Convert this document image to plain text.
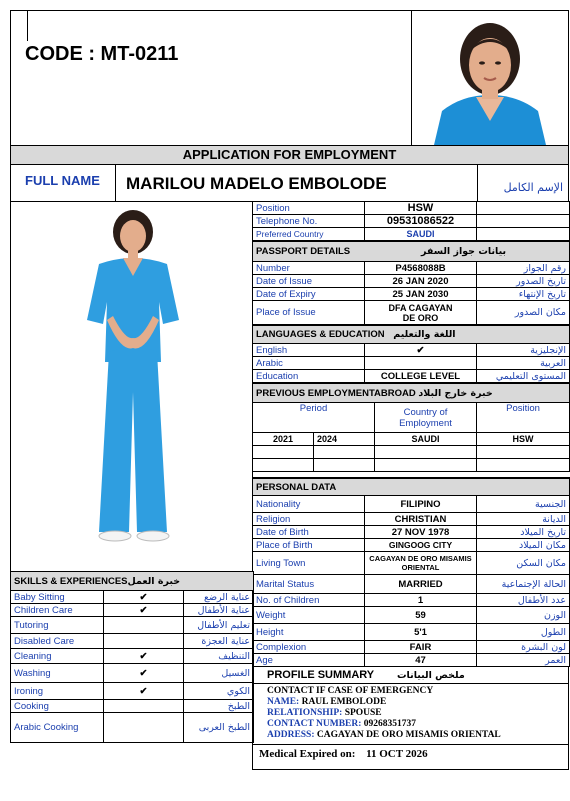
CODE : MT-0211
APPLICATION FOR EMPLOYMENT
FULL NAME MARILOU MADELO EMBOLODE	الإسم الكامل
Position	HSW	
Telephone No.	09531086522	
Preferred Country	SAUDI	
PASSPORT DETAILS بيانات جواز السفر		

Number	P4568088B	رقم الجواز
Date of Issue	26 JAN 2020	تاريخ الصدور
Date of Expiry	25 JAN 2030	تاريخ الإنتهاء
Place of Issue	DFA CAGAYAN DE ORO	مكان الصدور
LANGUAGES & EDUCATION اللغة والتعليم		
English	✔	الإنجليزية
Arabic		العربية
Education	COLLEGE LEVEL	المستوى التعليمي
PREVIOUS EMPLOYMENTABROAD خبرة خارج البلاد			
Period		Country of Employment	Position
2021	2024	SAUDI	HSW

PERSONAL DATA		
Nationality	FILIPINO	الجنسية
Religion	CHRISTIAN	الديانة
Date of Birth	27 NOV 1978	تاريخ الميلاد
Place of Birth	GINGOOG CITY	مكان الميلاد
Living Town	CAGAYAN DE ORO MISAMIS ORIENTAL	مكان السكن
Marital Status	MARRIED	الحالة الإجتماعية
No. of Children	1	عدد الأطفال
Weight	59	الوزن
Height	5'1	الطول
Complexion	FAIR	لون البشرة
Age	47	العمر
PROFILE SUMMARY ملخص البيانات
CONTACT IF CASE OF EMERGENCY
NAME: RAUL EMBOLODE
RELATIONSHIP: SPOUSE
CONTACT NUMBER: 09268351737
ADDRESS: CAGAYAN DE ORO MISAMIS ORIENTAL
Medical Expired on: 11 OCT 2026
SKILLS & EXPERIENCESخبرة العمل		
Baby Sitting	✔	عناية الرضع
Children Care	✔	عناية الأطفال
Tutoring		تعليم الأطفال
Disabled Care		عناية العجزة
Cleaning	✔	التنظيف
Washing	✔	الغسيل
Ironing	✔	الكوي
Cooking		الطبخ
Arabic Cooking		الطبخ العربى
